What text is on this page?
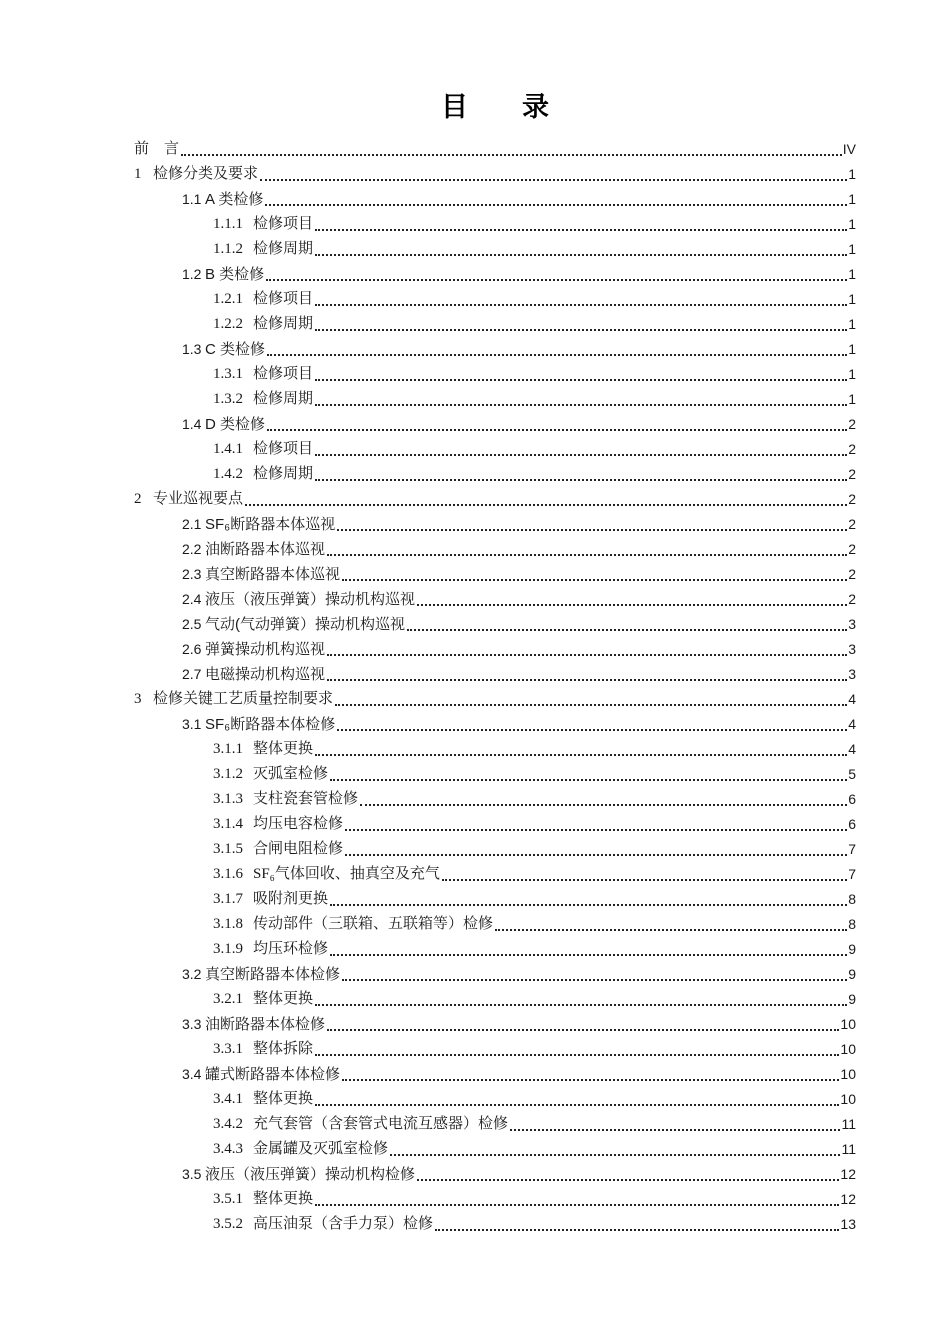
目　　录
前　言	IV
1 检修分类及要求	1
1.1 A 类检修	1
1.1.1 检修项目	1
1.1.2 检修周期	1
1.2 B 类检修	1
1.2.1 检修项目	1
1.2.2 检修周期	1
1.3 C 类检修	1
1.3.1 检修项目	1
1.3.2 检修周期	1
1.4 D 类检修	2
1.4.1 检修项目	2
1.4.2 检修周期	2
2 专业巡视要点	2
2.1 SF₆断路器本体巡视	2
2.2 油断路器本体巡视	2
2.3 真空断路器本体巡视	2
2.4 液压（液压弹簧）操动机构巡视	2
2.5 气动(气动弹簧）操动机构巡视	3
2.6 弹簧操动机构巡视	3
2.7 电磁操动机构巡视	3
3 检修关键工艺质量控制要求	4
3.1 SF₆断路器本体检修	4
3.1.1 整体更换	4
3.1.2 灭弧室检修	5
3.1.3 支柱瓷套管检修	6
3.1.4 均压电容检修	6
3.1.5 合闸电阻检修	7
3.1.6 SF₆气体回收、抽真空及充气	7
3.1.7 吸附剂更换	8
3.1.8 传动部件（三联箱、五联箱等）检修	8
3.1.9 均压环检修	9
3.2 真空断路器本体检修	9
3.2.1 整体更换	9
3.3 油断路器本体检修	10
3.3.1 整体拆除	10
3.4 罐式断路器本体检修	10
3.4.1 整体更换	10
3.4.2 充气套管（含套管式电流互感器）检修	11
3.4.3 金属罐及灭弧室检修	11
3.5 液压（液压弹簧）操动机构检修	12
3.5.1 整体更换	12
3.5.2 高压油泵（含手力泵）检修	13
